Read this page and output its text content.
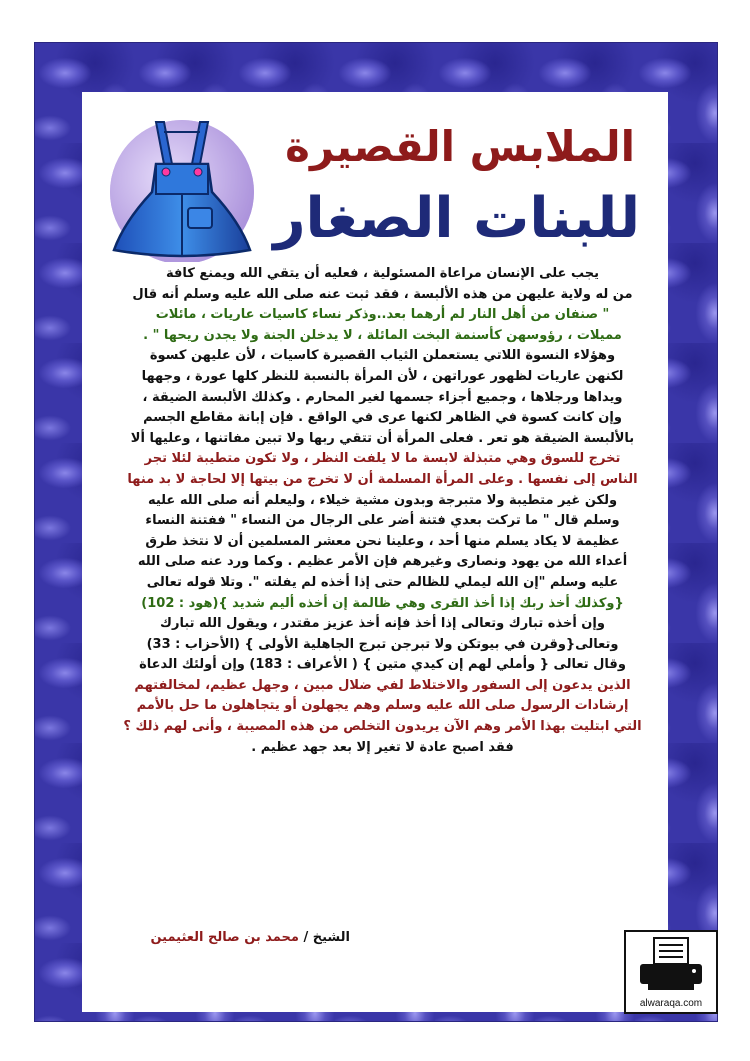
الملابس القصيرة
للبنات الصغار
يجب على الإنسان مراعاة المسئولية ، فعليه أن يتقي الله ويمنع كافة
من له ولاية عليهن من هذه الألبسة ، فقد ثبت عنه صلى الله عليه وسلم أنه قال
" صنفان من أهل النار لم أرهما بعد..وذكر نساء كاسيات عاريات ، مائلات
مميلات ، رؤوسهن كأسنمة البخت المائلة ، لا يدخلن الجنة ولا يجدن ريحها " .
وهؤلاء النسوة اللاتي يستعملن الثياب القصيرة كاسيات ، لأن عليهن كسوة
لكنهن عاريات لظهور عوراتهن ، لأن المرأة بالنسبة للنظر كلها عورة ، وجهها
ويداها ورجلاها ، وجميع أجزاء جسمها لغير المحارم . وكذلك الألبسة الضيقة ،
وإن كانت كسوة في الظاهر لكنها عرى في الواقع . فإن إبانة مقاطع الجسم
بالألبسة الضيقة هو تعر . فعلى المرأة أن تتقي ربها ولا تبين مفاتنها ، وعليها ألا
تخرج للسوق وهي متبذلة لابسة ما لا يلفت النظر ، ولا تكون متطيبة لئلا تجر
الناس إلى نفسها . وعلى المرأة المسلمة أن لا تخرج من بيتها إلا لحاجة لا بد منها
ولكن غير متطيبة ولا متبرجة وبدون مشية خيلاء ، وليعلم أنه صلى الله عليه
وسلم قال " ما تركت بعدي فتنة أضر على الرجال من النساء " ففتنة النساء
عظيمة لا يكاد يسلم منها أحد ، وعلينا نحن معشر المسلمين أن لا نتخذ طرق
أعداء الله من يهود ونصارى وغيرهم فإن الأمر عظيم . وكما ورد عنه صلى الله
عليه وسلم "إن الله ليملي للظالم حتى إذا أخذه لم يفلته ". وتلا قوله تعالى
{وكذلك أخذ ربك إذا أخذ القرى وهي ظالمة إن أخذه أليم شديد }(هود : 102)
وإن أخذه تبارك وتعالى إذا أخذ فإنه أخذ عزيز مقتدر ، ويقول الله تبارك
وتعالى{وقرن في بيوتكن ولا تبرجن تبرج الجاهلية الأولى } (الأحزاب : 33)
وقال تعالى { وأملي لهم إن كيدي متين } ( الأعراف : 183) وإن أولئك الدعاة
الذين يدعون إلى السفور والاختلاط لفي ضلال مبين ، وجهل عظيم، لمخالفتهم
إرشادات الرسول صلى الله عليه وسلم وهم يجهلون أو يتجاهلون ما حل بالأمم
التي ابتليت بهذا الأمر وهم الآن يريدون التخلص من هذه المصيبة ، وأنى لهم ذلك ؟
فقد اصبح عادة لا تغير إلا بعد جهد عظيم .
الشيخ / محمد بن صالح العثيمين
alwaraqa.com
